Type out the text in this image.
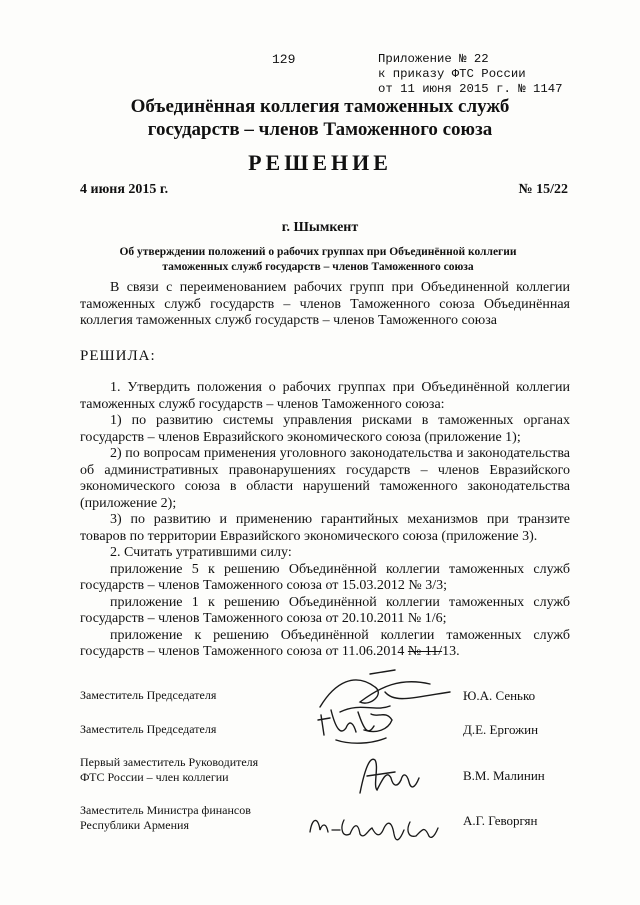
129	Приложение № 22
к приказу ФТС России
от 11 июня 2015 г. № 1147
Объединённая коллегия таможенных служб
государств – членов Таможенного союза
РЕШЕНИЕ
4 июня 2015 г.	№ 15/22
г. Шымкент
Об утверждении положений о рабочих группах при Объединённой коллегии
таможенных служб государств – членов Таможенного союза

В связи с переименованием рабочих групп при Объединенной коллегии таможенных служб государств – членов Таможенного союза Объединённая коллегия таможенных служб государств – членов Таможенного союза

РЕШИЛА:

1. Утвердить положения о рабочих группах при Объединённой коллегии таможенных служб государств – членов Таможенного союза:

1) по развитию системы управления рисками в таможенных органах государств – членов Евразийского экономического союза (приложение 1);

2) по вопросам применения уголовного законодательства и законодательства об административных правонарушениях государств – членов Евразийского экономического союза в области нарушений таможенного законодательства (приложение 2);

3) по развитию и применению гарантийных механизмов при транзите товаров по территории Евразийского экономического союза (приложение 3).

2. Считать утратившими силу:

приложение 5 к решению Объединённой коллегии таможенных служб государств – членов Таможенного союза от 15.03.2012 № 3/3;

приложение 1 к решению Объединённой коллегии таможенных служб государств – членов Таможенного союза от 20.10.2011 № 1/6;

приложение к решению Объединённой коллегии таможенных служб государств – членов Таможенного союза от 11.06.2014 № 11/13.

Заместитель Председателя	Ю.А. Сенько
Заместитель Председателя	Д.Е. Ергожин
Первый заместитель Руководителя
ФТС России – член коллегии	В.М. Малинин
Заместитель Министра финансов
Республики Армения	А.Г. Геворгян
